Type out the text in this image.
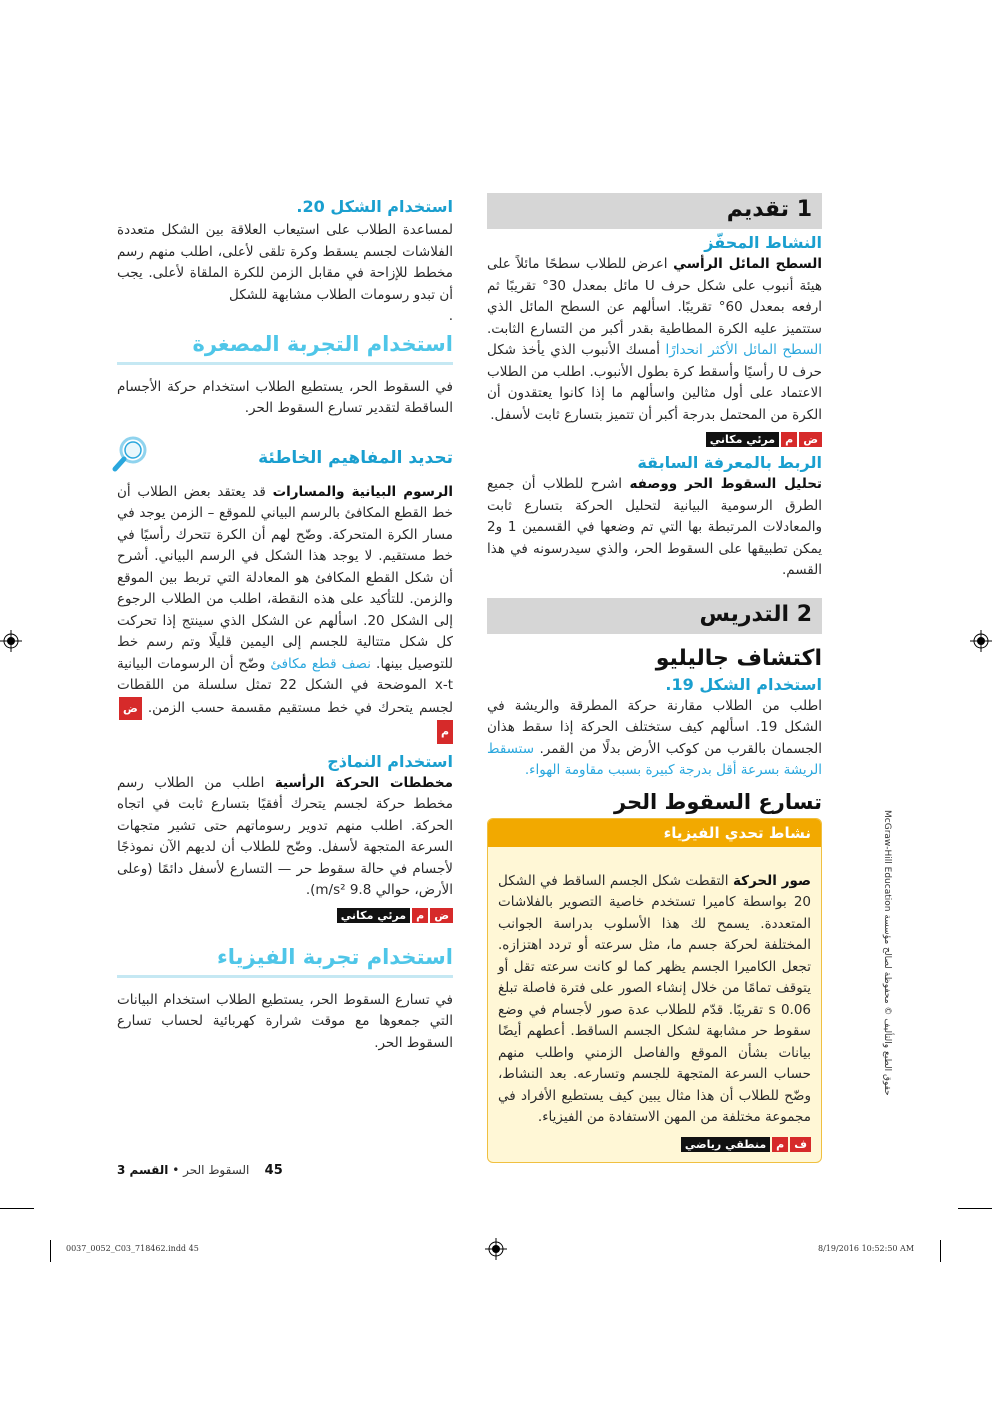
1 تقديم
النشاط المحفّز

السطح المائل الرأسي اعرض للطلاب سطحًا مائلاً على هيئة أنبوب على شكل حرف U مائل بمعدل 30° تقريبًا ثم ارفعه بمعدل 60° تقريبًا. اسألهم عن السطح المائل الذي ستتميز عليه الكرة المطاطية بقدر أكبر من التسارع الثابت. السطح المائل الأكثر انحدارًا أمسك الأنبوب الذي يأخذ شكل حرف U رأسيًا وأسقط كرة بطول الأنبوب. اطلب من الطلاب الاعتماد على أول مثالين واسألهم ما إذا كانوا يعتقدون أن الكرة من المحتمل بدرجة أكبر أن تتميز بتسارع ثابت لأسفل.

ضممرئي مكاني
الربط بالمعرفة السابقة

تحليل السقوط الحر ووصفه اشرح للطلاب أن جميع الطرق الرسومية البيانية لتحليل الحركة بتسارع ثابت والمعادلات المرتبطة بها التي تم وضعها في القسمين 1 و2 يمكن تطبيقها على السقوط الحر، والذي سيدرسونه في هذا القسم.

2 التدريس
اكتشاف جاليليو
استخدام الشكل 19.

اطلب من الطلاب مقارنة حركة المطرقة والريشة في الشكل 19. اسألهم كيف ستختلف الحركة إذا سقط هذان الجسمان بالقرب من كوكب الأرض بدلًا من القمر. ستسقط الريشة بسرعة أقل بدرجة كبيرة بسبب مقاومة الهواء.

تسارع السقوط الحر
نشاط تحدي الفيزياء

صور الحركة التقطت شكل الجسم الساقط في الشكل 20 بواسطة كاميرا تستخدم خاصية التصوير بالفلاشات المتعددة. يسمح لك هذا الأسلوب بدراسة الجوانب المختلفة لحركة جسم ما، مثل سرعته أو تردد اهتزازه. تجعل الكاميرا الجسم يظهر كما لو كانت سرعته تقل أو يتوقف تمامًا من خلال إنشاء الصور على فترة فاصلة تبلغ 0.06 s تقريبًا. قدّم للطلاب عدة صور لأجسام في وضع سقوط حر مشابهة لشكل الجسم الساقط. أعطهم أيضًا بيانات بشأن الموقع والفاصل الزمني واطلب منهم حساب السرعة المتجهة للجسم وتسارعه. بعد النشاط، وضّح للطلاب أن هذا مثال يبين كيف يستطيع الأفراد في مجموعة مختلفة من المهن الاستفادة من الفيزياء.

فممنطقي رياضي
استخدام الشكل 20.

لمساعدة الطلاب على استيعاب العلاقة بين الشكل متعددة الفلاشات لجسم يسقط وكرة تلقى لأعلى، اطلب منهم رسم مخطط للإزاحة في مقابل الزمن للكرة الملقاة لأعلى. يجب أن تبدو رسومات الطلاب مشابهة للشكل

.
استخدام التجربة المصغرة

في السقوط الحر، يستطيع الطلاب استخدام حركة الأجسام الساقطة لتقدير تسارع السقوط الحر.

تحديد المفاهيم الخاطئة

الرسوم البيانية والمسارات قد يعتقد بعض الطلاب أن خط القطع المكافئ بالرسم البياني للموقع – الزمن يوجد في مسار الكرة المتحركة. وضّح لهم أن الكرة تتحرك رأسيًا في خط مستقيم. لا يوجد هذا الشكل في الرسم البياني. أشرح أن شكل القطع المكافئ هو المعادلة التي تربط بين الموقع والزمن. للتأكيد على هذه النقطة، اطلب من الطلاب الرجوع إلى الشكل 20. اسألهم عن الشكل الذي سينتج إذا تحركت كل شكل متتالية للجسم إلى اليمين قليلًا وتم رسم خط للتوصيل بينها. نصف قطع مكافئ وضّح أن الرسومات البيانية x-t الموضحة في الشكل 22 تمثل سلسلة من اللقطات لجسم يتحرك في خط مستقيم مقسمة حسب الزمن. ضم

استخدام النماذج

مخططات الحركة الرأسية اطلب من الطلاب رسم مخطط حركة لجسم يتحرك أفقيًا بتسارع ثابت في اتجاه الحركة. اطلب منهم تدوير رسوماتهم حتى تشير متجهات السرعة المتجهة لأسفل. وضّح للطلاب أن لديهم الآن نموذجًا لأجسام في حالة سقوط حر — التسارع لأسفل دائمًا (وعلى الأرض، حوالي 9.8 m/s²).

ضممرئي مكاني
استخدام تجربة الفيزياء

في تسارع السقوط الحر، يستطيع الطلاب استخدام البيانات التي جمعوها مع موقت شرارة كهربائية لحساب تسارع السقوط الحر.

حقوق الطبع والتأليف © محفوظة لصالح مؤسسة McGraw-Hill Education
45    السقوط الحر • القسم 3
0037_0052_C03_718462.indd 45	8/19/2016 10:52:50 AM
